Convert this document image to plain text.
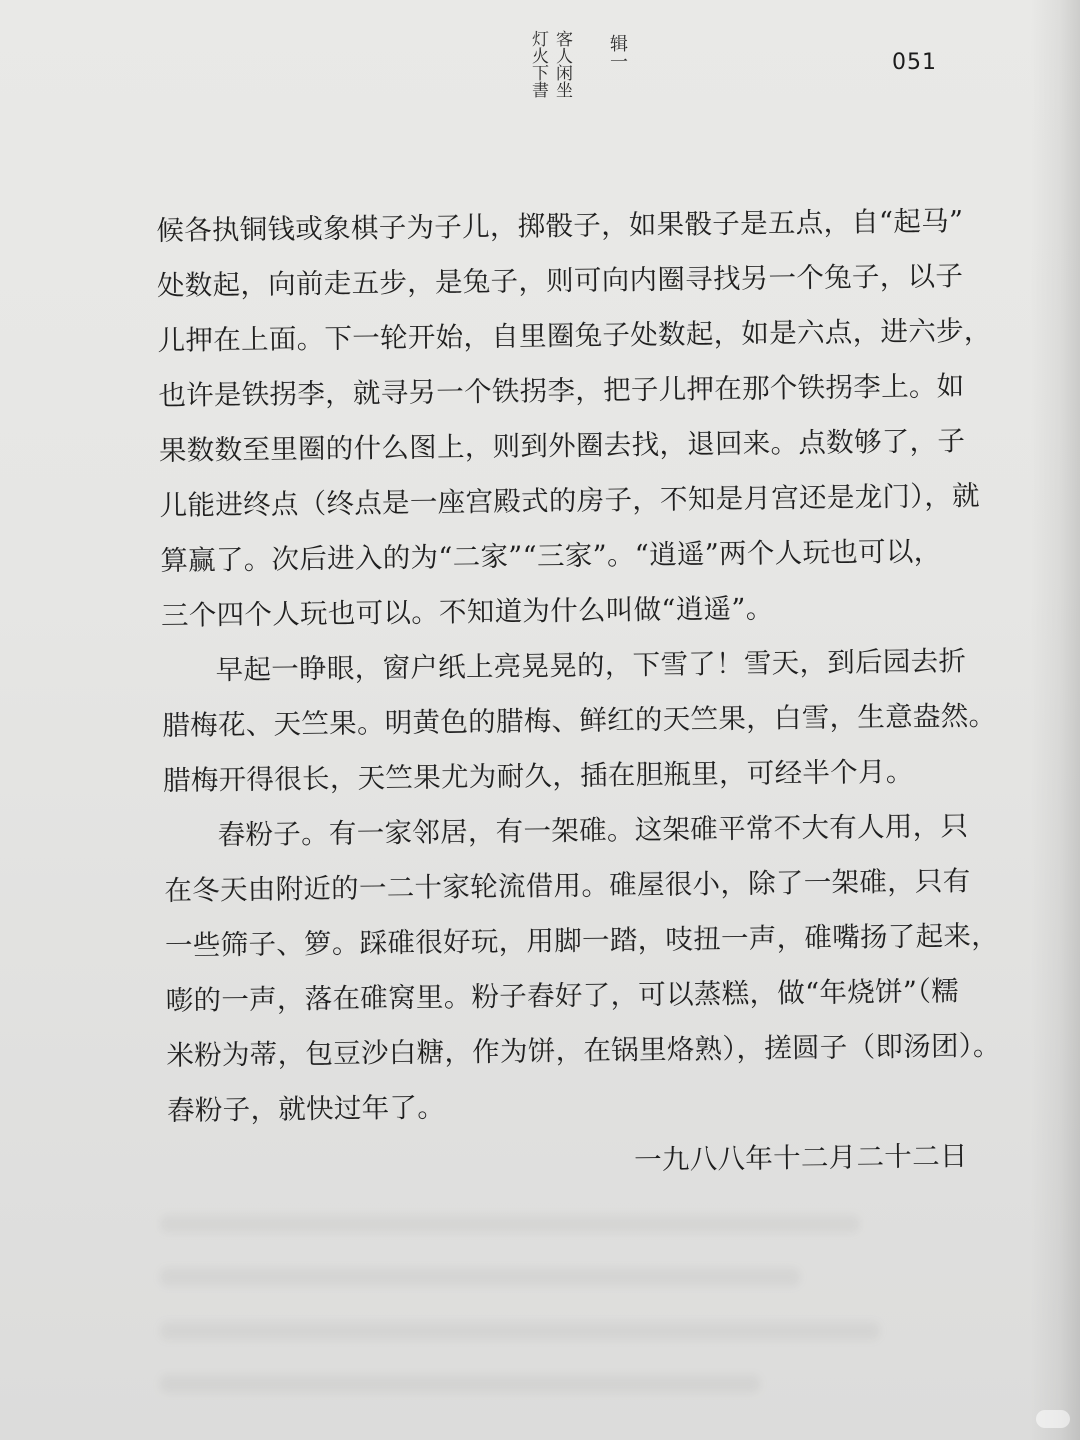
客人闲坐
灯火下書	辑一	051
候各执铜钱或象棋子为子儿，掷骰子，如果骰子是五点，自“起马”
处数起，向前走五步，是兔子，则可向内圈寻找另一个兔子，以子
儿押在上面。下一轮开始，自里圈兔子处数起，如是六点，进六步，
也许是铁拐李，就寻另一个铁拐李，把子儿押在那个铁拐李上。如
果数数至里圈的什么图上，则到外圈去找，退回来。点数够了，子
儿能进终点（终点是一座宫殿式的房子，不知是月宫还是龙门），就
算赢了。次后进入的为“二家”“三家”。“逍遥”两个人玩也可以，
三个四个人玩也可以。不知道为什么叫做“逍遥”。
早起一睁眼，窗户纸上亮晃晃的，下雪了！雪天，到后园去折
腊梅花、天竺果。明黄色的腊梅、鲜红的天竺果，白雪，生意盎然。
腊梅开得很长，天竺果尤为耐久，插在胆瓶里，可经半个月。
舂粉子。有一家邻居，有一架碓。这架碓平常不大有人用，只
在冬天由附近的一二十家轮流借用。碓屋很小，除了一架碓，只有
一些筛子、箩。踩碓很好玩，用脚一踏，吱扭一声，碓嘴扬了起来，
嘭的一声，落在碓窝里。粉子舂好了，可以蒸糕，做“年烧饼”（糯
米粉为蒂，包豆沙白糖，作为饼，在锅里烙熟），搓圆子（即汤团）。
舂粉子，就快过年了。
一九八八年十二月二十二日
